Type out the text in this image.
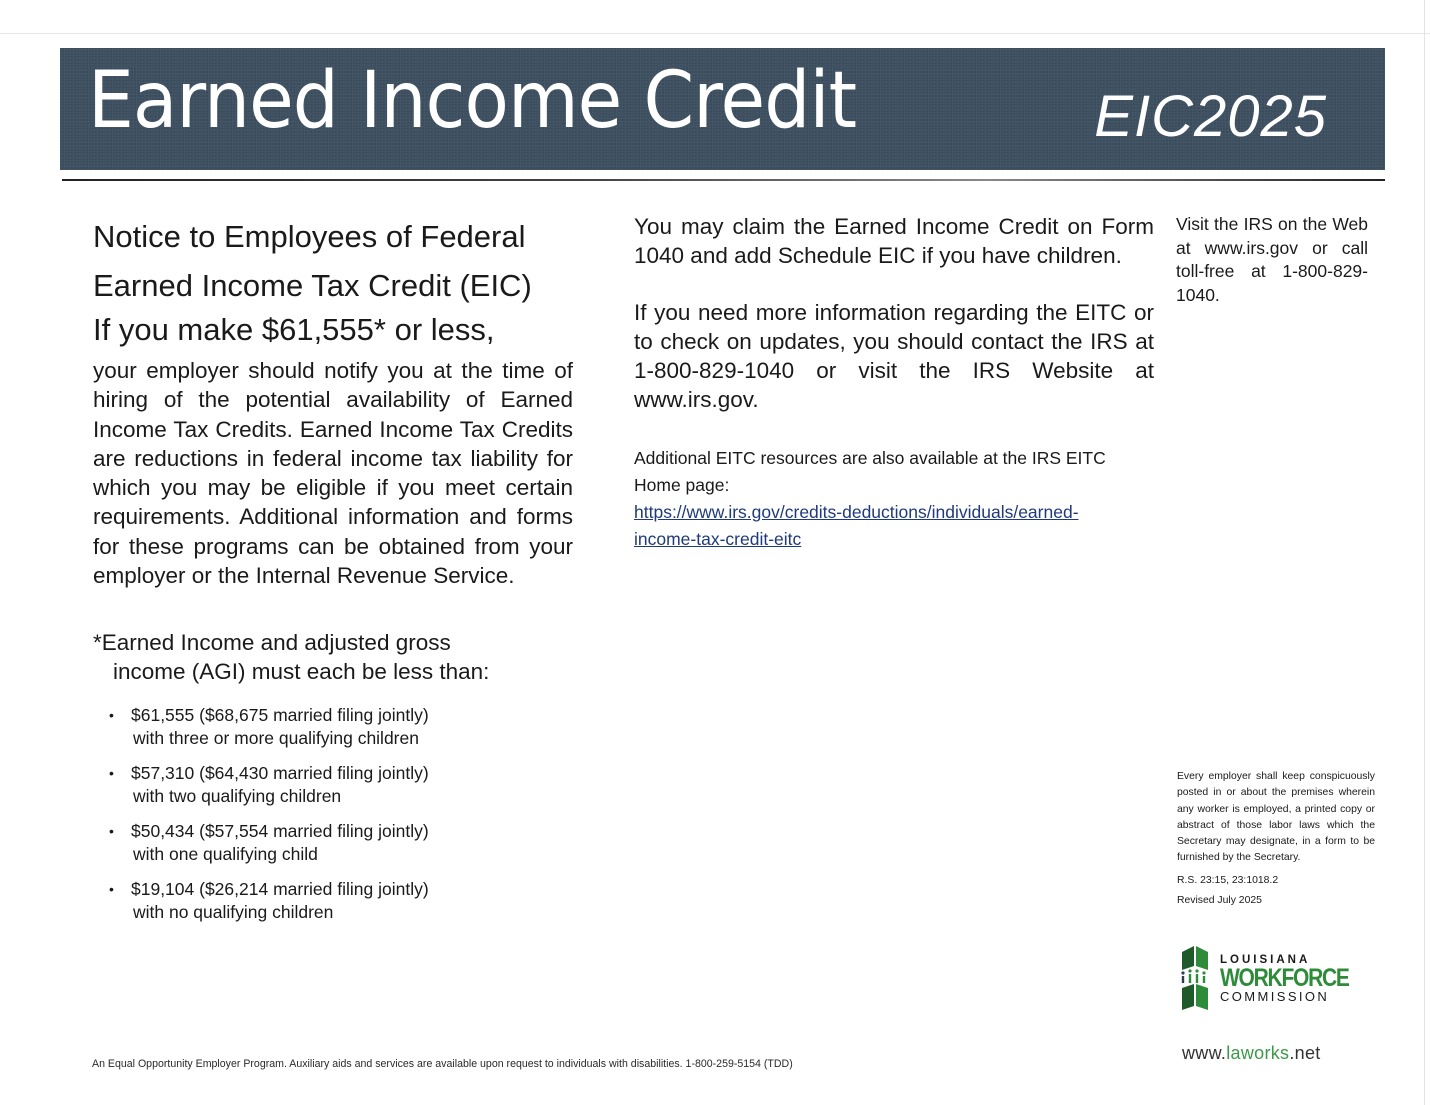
Earned Income Credit	EIC2025
Notice to Employees of Federal
Earned Income Tax Credit (EIC)
If you make $61,555* or less,

your employer should notify you at the time of hiring of the potential availability of Earned Income Tax Credits. Earned Income Tax Credits are reductions in federal income tax liability for which you may be eligible if you meet certain requirements. Additional information and forms for these programs can be obtained from your employer or the Internal Revenue Service.

*Earned Income and adjusted gross
income (AGI) must each be less than:

• $61,555 ($68,675 married filing jointly)
with three or more qualifying children
• $57,310 ($64,430 married filing jointly)
with two qualifying children
• $50,434 ($57,554 married filing jointly)
with one qualifying child
• $19,104 ($26,214 married filing jointly)
with no qualifying children

You may claim the Earned Income Credit on Form 1040 and add Schedule EIC if you have children.

If you need more information regarding the EITC or to check on updates, you should contact the IRS at 1-800-829-1040 or visit the IRS Website at www.irs.gov.

Additional EITC resources are also available at the IRS EITC Home page:
https://www.irs.gov/credits-deductions/individuals/earned-
income-tax-credit-eitc

Visit the IRS on the Web at www.irs.gov or call toll-free at 1-800-829-1040.

Every employer shall keep conspicuously posted in or about the premises wherein any worker is employed, a printed copy or abstract of those labor laws which the Secretary may designate, in a form to be furnished by the Secretary.

R.S. 23:15, 23:1018.2

Revised July 2025

LOUISIANA
WORKFORCE
COMMISSION
www.laworks.net
An Equal Opportunity Employer Program. Auxiliary aids and services are available upon request to individuals with disabilities. 1-800-259-5154 (TDD)
